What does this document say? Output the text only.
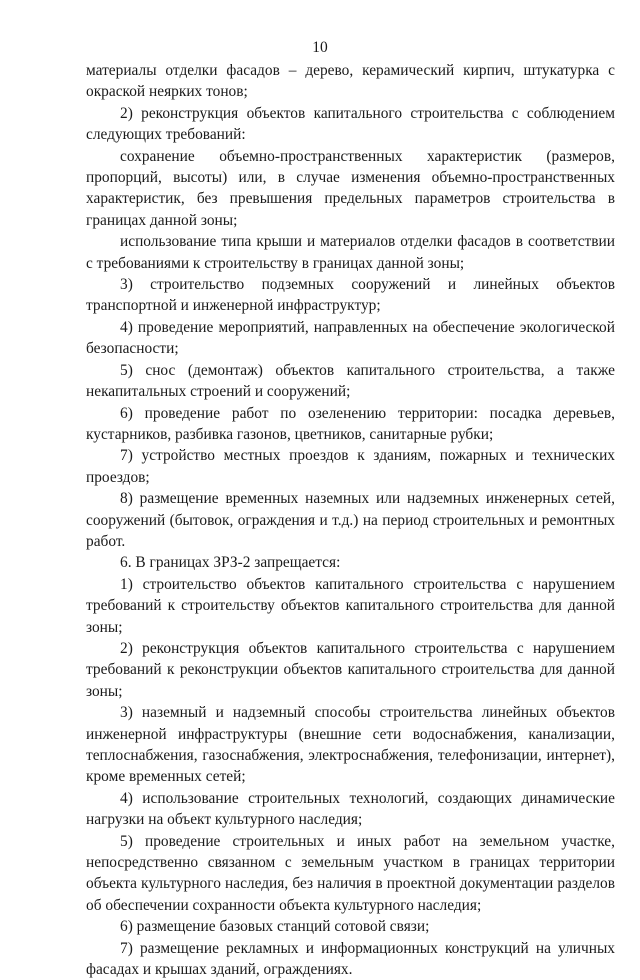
10

материалы отделки фасадов – дерево, керамический кирпич, штукатурка с окраской неярких тонов;

2) реконструкция объектов капитального строительства с соблюдением следующих требований:

сохранение объемно-пространственных характеристик (размеров, пропорций, высоты) или, в случае изменения объемно-пространственных характеристик, без превышения предельных параметров строительства в границах данной зоны;

использование типа крыши и материалов отделки фасадов в соответствии с требованиями к строительству в границах данной зоны;

3) строительство подземных сооружений и линейных объектов транспортной и инженерной инфраструктур;

4) проведение мероприятий, направленных на обеспечение экологической безопасности;

5) снос (демонтаж) объектов капитального строительства, а также некапитальных строений и сооружений;

6) проведение работ по озеленению территории: посадка деревьев, кустарников, разбивка газонов, цветников, санитарные рубки;

7) устройство местных проездов к зданиям, пожарных и технических проездов;

8) размещение временных наземных или надземных инженерных сетей, сооружений (бытовок, ограждения и т.д.) на период строительных и ремонтных работ.

6. В границах ЗРЗ-2 запрещается:

1) строительство объектов капитального строительства с нарушением требований к строительству объектов капитального строительства для данной зоны;

2) реконструкция объектов капитального строительства с нарушением требований к реконструкции объектов капитального строительства для данной зоны;

3) наземный и надземный способы строительства линейных объектов инженерной инфраструктуры (внешние сети водоснабжения, канализации, теплоснабжения, газоснабжения, электроснабжения, телефонизации, интернет), кроме временных сетей;

4) использование строительных технологий, создающих динамические нагрузки на объект культурного наследия;

5) проведение строительных и иных работ на земельном участке, непосредственно связанном с земельным участком в границах территории объекта культурного наследия, без наличия в проектной документации разделов об обеспечении сохранности объекта культурного наследия;

6) размещение базовых станций сотовой связи;

7) размещение рекламных и информационных конструкций на уличных фасадах и крышах зданий, ограждениях.
